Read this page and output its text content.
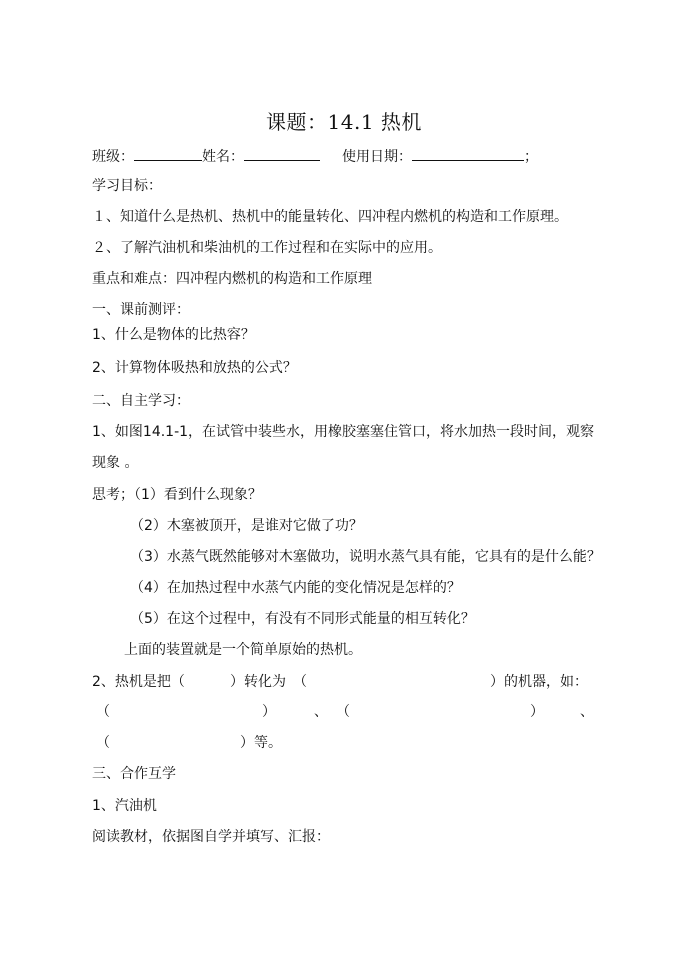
课题：14.1 热机
班级：	姓名：	使用日期：	；
学习目标：
１、知道什么是热机、热机中的能量转化、四冲程内燃机的构造和工作原理。
２、了解汽油机和柴油机的工作过程和在实际中的应用。
重点和难点：四冲程内燃机的构造和工作原理
一、课前测评：
1、什么是物体的比热容？
2、计算物体吸热和放热的公式？
二、自主学习：
1、如图14.1-1，在试管中装些水，用橡胶塞塞住管口，将水加热一段时间，观察
现象 。
思考；（1）看到什么现象？
（2）木塞被顶开，是谁对它做了功？
（3）水蒸气既然能够对木塞做功，说明水蒸气具有能，它具有的是什么能？
（4）在加热过程中水蒸气内能的变化情况是怎样的？
（5）在这个过程中，有没有不同形式能量的相互转化？
上面的装置就是一个简单原始的热机。
2、热机是把（	）转化为　（	）的机器，如：
（	）	、 （	）	、
（	）等。
三、合作互学
1、汽油机
阅读教材，依据图自学并填写、汇报：
